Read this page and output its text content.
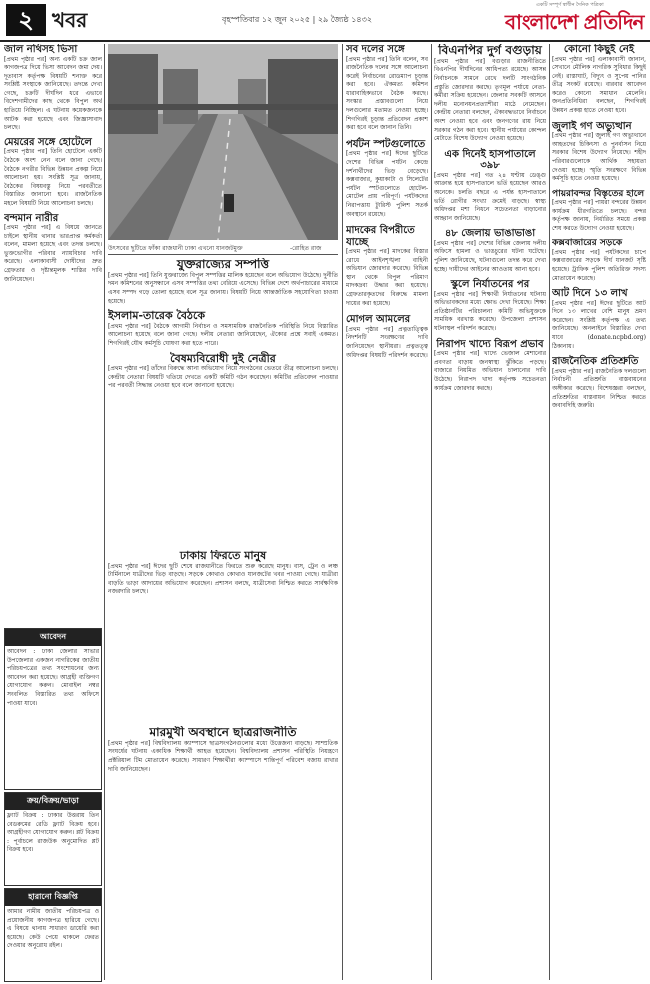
২ খবর	বৃহস্পতিবার ১২ জুন ২০২৫ | ২৯ জ্যৈষ্ঠ ১৪৩২
একটি সম্পূর্ণ স্বাধীন দৈনিক পত্রিকা
বাংলাদেশ প্রতিদিন
জাল নথিসহ ভিসা

[প্রথম পৃষ্ঠার পর] অন্য একটি চক্র জাল কাগজপত্র দিয়ে ভিসা আবেদন জমা দেয়। দূতাবাস কর্তৃপক্ষ বিষয়টি শনাক্ত করে সংশ্লিষ্ট সংস্থাকে জানিয়েছে। তদন্তে দেখা গেছে, চক্রটি দীর্ঘদিন ধরে এভাবে বিদেশগামীদের কাছ থেকে বিপুল অর্থ হাতিয়ে নিচ্ছিল। এ ঘটনায় কয়েকজনকে আটক করা হয়েছে এবং জিজ্ঞাসাবাদ চলছে।

মেয়রের সঙ্গে হোটেলে

[প্রথম পৃষ্ঠার পর] তিনি হোটেলে একটি বৈঠকে অংশ নেন বলে জানা গেছে। বৈঠকে নগরীর বিভিন্ন উন্নয়ন প্রকল্প নিয়ে আলোচনা হয়। সংশ্লিষ্ট সূত্র জানায়, বৈঠকের বিষয়বস্তু নিয়ে পরবর্তীতে বিস্তারিত জানানো হবে। রাজনৈতিক মহলে বিষয়টি নিয়ে আলোচনা চলছে।

বন্দমান নারীর

[প্রথম পৃষ্ঠার পর] এ বিষয়ে জানতে চাইলে স্থানীয় থানার ভারপ্রাপ্ত কর্মকর্তা বলেন, মামলা হয়েছে এবং তদন্ত চলছে। ভুক্তভোগীর পরিবার ন্যায়বিচার দাবি করেছে। এলাকাবাসী দোষীদের দ্রুত গ্রেফতার ও দৃষ্টান্তমূলক শাস্তির দাবি জানিয়েছেন।

আবেদন

আবেদন : ঢাকা জেলার সাভার উপজেলার একজন নাগরিকের জাতীয় পরিচয়পত্রের তথ্য সংশোধনের জন্য আবেদন করা হয়েছে। আগ্রহী ব্যক্তিগণ যোগাযোগ করুন। মোবাইল নম্বর সংবলিত বিস্তারিত তথ্য অফিসে পাওয়া যাবে।

ক্রয়/বিক্রয়/ভাড়া

ফ্ল্যাট বিক্রয় : ঢাকার উত্তরায় তিন বেডরুমের রেডি ফ্ল্যাট বিক্রয় হবে। আগ্রহীগণ যোগাযোগ করুন। প্লট বিক্রয় : পূর্বাচলে রাজউক অনুমোদিত প্লট বিক্রয় হবে।

হারানো বিজ্ঞপ্তি

আমার নামীয় জাতীয় পরিচয়পত্র ও প্রয়োজনীয় কাগজপত্র হারিয়ে গেছে। এ বিষয়ে থানায় সাধারণ ডায়েরি করা হয়েছে। কেউ পেয়ে থাকলে ফেরত দেওয়ার অনুরোধ রইল।

উৎসবের ছুটিতে ফাঁকা রাজধানী ঢাকা এখনো যানজটমুক্ত	-রোহিত রাজ
যুক্তরাজ্যের সম্পত্তি

[প্রথম পৃষ্ঠার পর] তিনি যুক্তরাজ্যে বিপুল সম্পত্তির মালিক হয়েছেন বলে অভিযোগ উঠেছে। দুর্নীতি দমন কমিশনের অনুসন্ধানে এসব সম্পত্তির তথ্য বেরিয়ে এসেছে। বিভিন্ন দেশে অর্থপাচারের মাধ্যমে এসব সম্পদ গড়ে তোলা হয়েছে বলে সূত্র জানায়। বিষয়টি নিয়ে আন্তর্জাতিক সহযোগিতা চাওয়া হয়েছে।

ইসলাম-তারেক বৈঠকে

[প্রথম পৃষ্ঠার পর] বৈঠকে আগামী নির্বাচন ও সমসাময়িক রাজনৈতিক পরিস্থিতি নিয়ে বিস্তারিত আলোচনা হয়েছে বলে জানা গেছে। দলীয় নেতারা জানিয়েছেন, ঐক্যের প্রশ্নে সবাই একমত। শিগগিরই যৌথ কর্মসূচি ঘোষণা করা হতে পারে।

বৈষম্যবিরোধী দুই নেত্রীর

[প্রথম পৃষ্ঠার পর] তাঁদের বিরুদ্ধে আনা অভিযোগ নিয়ে সংগঠনের ভেতরে তীব্র আলোচনা চলছে। কেন্দ্রীয় নেতারা বিষয়টি খতিয়ে দেখতে একটি কমিটি গঠন করেছেন। কমিটির প্রতিবেদন পাওয়ার পর পরবর্তী সিদ্ধান্ত নেওয়া হবে বলে জানানো হয়েছে।

ঢাকায় ফিরতে মানুষ

[প্রথম পৃষ্ঠার পর] ঈদের ছুটি শেষে রাজধানীতে ফিরতে শুরু করেছে মানুষ। বাস, ট্রেন ও লঞ্চ টার্মিনালে যাত্রীদের ভিড় বাড়ছে। সড়কে কোথাও কোথাও যানজটের খবর পাওয়া গেছে। যাত্রীরা বাড়তি ভাড়া আদায়ের অভিযোগ করেছেন। প্রশাসন বলছে, যাত্রীসেবা নিশ্চিত করতে সার্বক্ষণিক নজরদারি চলছে।

মারমুখী অবস্থানে ছাত্ররাজনীতি

[প্রথম পৃষ্ঠার পর] বিশ্ববিদ্যালয় ক্যাম্পাসে ছাত্রসংগঠনগুলোর মধ্যে উত্তেজনা বাড়ছে। সাম্প্রতিক সংঘর্ষের ঘটনায় একাধিক শিক্ষার্থী আহত হয়েছেন। বিশ্ববিদ্যালয় প্রশাসন পরিস্থিতি নিয়ন্ত্রণে প্রক্টরিয়াল টিম মোতায়েন করেছে। সাধারণ শিক্ষার্থীরা ক্যাম্পাসে শান্তিপূর্ণ পরিবেশ বজায় রাখার দাবি জানিয়েছেন।

সব দলের সঙ্গে

[প্রথম পৃষ্ঠার পর] তিনি বলেন, সব রাজনৈতিক দলের সঙ্গে আলোচনা করেই নির্বাচনের রোডম্যাপ চূড়ান্ত করা হবে। ঐকমত্য কমিশন ধারাবাহিকভাবে বৈঠক করছে। সংস্কার প্রস্তাবগুলো নিয়ে দলগুলোর মতামত নেওয়া হচ্ছে। শিগগিরই চূড়ান্ত প্রতিবেদন প্রকাশ করা হবে বলে জানান তিনি।

পর্যটন স্পটগুলোতে

[প্রথম পৃষ্ঠার পর] ঈদের ছুটিতে দেশের বিভিন্ন পর্যটন কেন্দ্রে দর্শনার্থীদের ভিড় বেড়েছে। কক্সবাজার, কুয়াকাটা ও সিলেটের পর্যটন স্পটগুলোতে হোটেল-মোটেল প্রায় পরিপূর্ণ। পর্যটকদের নিরাপত্তায় ট্যুরিস্ট পুলিশ সতর্ক অবস্থানে রয়েছে।

মাদকের বিপরীতে যাচ্ছে

[প্রথম পৃষ্ঠার পর] মাদকের বিস্তার রোধে আইনশৃঙ্খলা বাহিনী অভিযান জোরদার করেছে। বিভিন্ন স্থান থেকে বিপুল পরিমাণ মাদকদ্রব্য উদ্ধার করা হয়েছে। গ্রেফতারকৃতদের বিরুদ্ধে মামলা দায়ের করা হয়েছে।

মোগল আমলের

[প্রথম পৃষ্ঠার পর] প্রত্নতাত্ত্বিক নিদর্শনটি সংরক্ষণের দাবি জানিয়েছেন স্থানীয়রা। প্রত্নতত্ত্ব অধিদপ্তর বিষয়টি পরিদর্শন করেছে।

বিএনপির দুর্গ বগুড়ায়

[প্রথম পৃষ্ঠার পর] বগুড়ার রাজনীতিতে বিএনপির দীর্ঘদিনের আধিপত্য রয়েছে। আসন্ন নির্বাচনকে সামনে রেখে দলটি সাংগঠনিক প্রস্তুতি জোরদার করছে। তৃণমূল পর্যায়ে নেতা-কর্মীরা সক্রিয় হয়েছেন। জেলার সবকটি আসনে দলীয় মনোনয়নপ্রত্যাশীরা মাঠে নেমেছেন। কেন্দ্রীয় নেতারা বলছেন, ঐক্যবদ্ধভাবে নির্বাচনে অংশ নেওয়া হবে এবং জনগণের রায় নিয়ে সরকার গঠন করা হবে। স্থানীয় পর্যায়ের কোন্দল মেটাতে বিশেষ উদ্যোগ নেওয়া হয়েছে।

এক দিনেই হাসপাতালে ৩৯৮

[প্রথম পৃষ্ঠার পর] গত ২৪ ঘণ্টায় ডেঙ্গু আক্রান্ত হয়ে হাসপাতালে ভর্তি হয়েছেন আরও অনেকে। চলতি বছরে এ পর্যন্ত হাসপাতালে ভর্তি রোগীর সংখ্যা ক্রমেই বাড়ছে। স্বাস্থ্য অধিদপ্তর মশা নিধনে সচেতনতা বাড়ানোর আহ্বান জানিয়েছে।

৪৮ জেলায় ভাঙাভাঙা

[প্রথম পৃষ্ঠার পর] দেশের বিভিন্ন জেলায় দলীয় অফিসে হামলা ও ভাঙচুরের ঘটনা ঘটেছে। পুলিশ জানিয়েছে, ঘটনাগুলো তদন্ত করে দেখা হচ্ছে। দায়ীদের আইনের আওতায় আনা হবে।

স্কুলে নির্যাতনের পর

[প্রথম পৃষ্ঠার পর] শিক্ষার্থী নির্যাতনের ঘটনায় অভিভাবকদের মধ্যে ক্ষোভ দেখা দিয়েছে। শিক্ষা প্রতিষ্ঠানটির পরিচালনা কমিটি অভিযুক্তকে সাময়িক বরখাস্ত করেছে। উপজেলা প্রশাসন ঘটনাস্থল পরিদর্শন করেছে।

নিরাপদ খাদ্যে বিরূপ প্রভাব

[প্রথম পৃষ্ঠার পর] খাদ্যে ভেজাল মেশানোর প্রবণতা বাড়ায় জনস্বাস্থ্য ঝুঁকিতে পড়ছে। বাজারে নিয়মিত অভিযান চালানোর দাবি উঠেছে। নিরাপদ খাদ্য কর্তৃপক্ষ সচেতনতা কার্যক্রম জোরদার করছে।

কোনো কিছুই নেই

[প্রথম পৃষ্ঠার পর] এলাকাবাসী জানান, সেখানে মৌলিক নাগরিক সুবিধার কিছুই নেই। রাস্তাঘাট, বিদ্যুৎ ও সুপেয় পানির তীব্র সংকট রয়েছে। বারবার আবেদন করেও কোনো সমাধান মেলেনি। জনপ্রতিনিধিরা বলছেন, শিগগিরই উন্নয়ন প্রকল্প হাতে নেওয়া হবে।

জুলাই গণ অভ্যুত্থান

[প্রথম পৃষ্ঠার পর] জুলাই গণ অভ্যুত্থানে আহতদের চিকিৎসা ও পুনর্বাসন নিয়ে সরকার বিশেষ উদ্যোগ নিয়েছে। শহীদ পরিবারগুলোকে আর্থিক সহায়তা দেওয়া হচ্ছে। স্মৃতি সংরক্ষণে বিভিন্ন কর্মসূচি হাতে নেওয়া হয়েছে।

পায়রাবন্দর বিস্তৃতের হালে

[প্রথম পৃষ্ঠার পর] পায়রা বন্দরের উন্নয়ন কার্যক্রম ধীরগতিতে চলছে। বন্দর কর্তৃপক্ষ জানায়, নির্ধারিত সময়ে প্রকল্প শেষ করতে উদ্যোগ নেওয়া হয়েছে।

কক্সবাজারের সড়কে

[প্রথম পৃষ্ঠার পর] পর্যটকদের চাপে কক্সবাজারের সড়কে দীর্ঘ যানজট সৃষ্টি হয়েছে। ট্রাফিক পুলিশ অতিরিক্ত সদস্য মোতায়েন করেছে।

আট দিনে ১৩ লাখ

[প্রথম পৃষ্ঠার পর] ঈদের ছুটিতে আট দিনে ১৩ লাখের বেশি মানুষ ভ্রমণ করেছেন। সংশ্লিষ্ট কর্তৃপক্ষ এ তথ্য জানিয়েছে। অনলাইনে বিস্তারিত দেখা যাবে (donate.ncpbd.org) ঠিকানায়।

রাজনৈতিক প্রতিশ্রুতি

[প্রথম পৃষ্ঠার পর] রাজনৈতিক দলগুলো নির্বাচনী প্রতিশ্রুতি বাস্তবায়নের অঙ্গীকার করেছে। বিশেষজ্ঞরা বলছেন, প্রতিশ্রুতির বাস্তবায়ন নিশ্চিত করতে জবাবদিহি জরুরি।
